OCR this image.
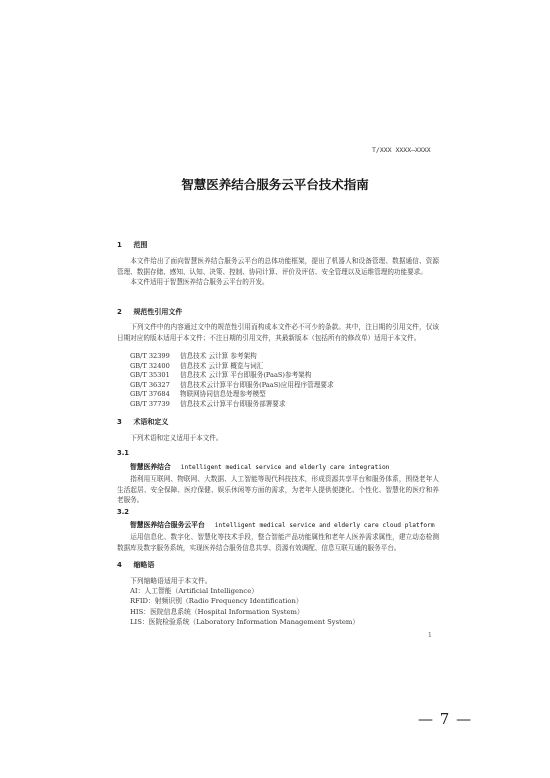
T/XXX XXXX—XXXX
智慧医养结合服务云平台技术指南
1 范围

本文件给出了面向智慧医养结合服务云平台的总体功能框架，提出了机器人和设备管理、数据通信、资源管理、数据存储、感知、认知、决策、控制、协同计算、评价及评估、安全管理以及运维管理的功能要求。

本文件适用于智慧医养结合服务云平台的开发。

2 规范性引用文件

下列文件中的内容通过文中的规范性引用而构成本文件必不可少的条款。其中，注日期的引用文件，仅该日期对应的版本适用于本文件；不注日期的引用文件，其最新版本（包括所有的修改单）适用于本文件。

GB/T 32399 信息技术 云计算 参考架构
GB/T 32400 信息技术 云计算 概览与词汇
GB/T 35301 信息技术 云计算 平台即服务(PaaS)参考架构
GB/T 36327 信息技术云计算平台即服务(PaaS)应用程序管理要求
GB/T 37684 物联网协同信息处理参考模型
GB/T 37739 信息技术云计算平台即服务部署要求
3 术语和定义

下列术语和定义适用于本文件。

3.1
智慧医养结合 intelligent medical service and elderly care integration

指利用互联网、物联网、大数据、人工智能等现代科技技术，形成资源共享平台和服务体系，围绕老年人生活起居、安全保障、医疗保健、娱乐休闲等方面的需求，为老年人提供便捷化、个性化、智慧化的医疗和养老服务。

3.2
智慧医养结合服务云平台 intelligent medical service and elderly care cloud platform

运用信息化、数字化、智慧化等技术手段，整合智能产品功能属性和老年人医养需求属性，建立动态检测数据库及数字服务系统，实现医养结合服务信息共享、资源有效调配、信息互联互通的服务平台。

4 缩略语
下列缩略语适用于本文件。
AI：人工智能（Artificial Intelligence）
RFID：射频识别（Radio Frequency Identification）
HIS：医院信息系统（Hospital Information System）
LIS：医院检验系统（Laboratory Information Management System）
1
— 7 —
